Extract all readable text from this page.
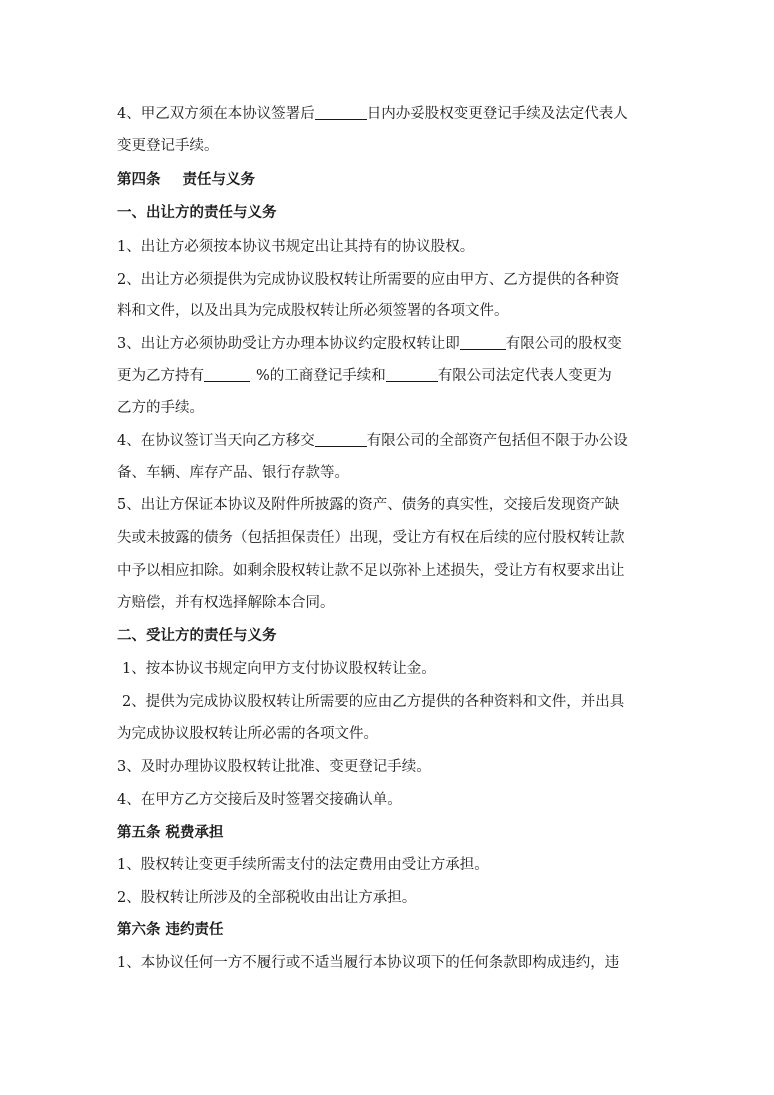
4、甲乙双方须在本协议签署后	日内办妥股权变更登记手续及法定代表人
变更登记手续。
第四条 责任与义务
一、出让方的责任与义务
1、出让方必须按本协议书规定出让其持有的协议股权。
2、出让方必须提供为完成协议股权转让所需要的应由甲方、乙方提供的各种资
料和文件，以及出具为完成股权转让所必须签署的各项文件。
3、出让方必须协助受让方办理本协议约定股权转让即	有限公司的股权变
更为乙方持有	%的工商登记手续和	有限公司法定代表人变更为
乙方的手续。
4、在协议签订当天向乙方移交	有限公司的全部资产包括但不限于办公设
备、车辆、库存产品、银行存款等。
5、出让方保证本协议及附件所披露的资产、债务的真实性，交接后发现资产缺
失或未披露的债务（包括担保责任）出现，受让方有权在后续的应付股权转让款
中予以相应扣除。如剩余股权转让款不足以弥补上述损失，受让方有权要求出让
方赔偿，并有权选择解除本合同。
二、受让方的责任与义务
1、按本协议书规定向甲方支付协议股权转让金。
2、提供为完成协议股权转让所需要的应由乙方提供的各种资料和文件，并出具
为完成协议股权转让所必需的各项文件。
3、及时办理协议股权转让批准、变更登记手续。
4、在甲方乙方交接后及时签署交接确认单。
第五条 税费承担
1、股权转让变更手续所需支付的法定费用由受让方承担。
2、股权转让所涉及的全部税收由出让方承担。
第六条 违约责任
1、本协议任何一方不履行或不适当履行本协议项下的任何条款即构成违约，违
